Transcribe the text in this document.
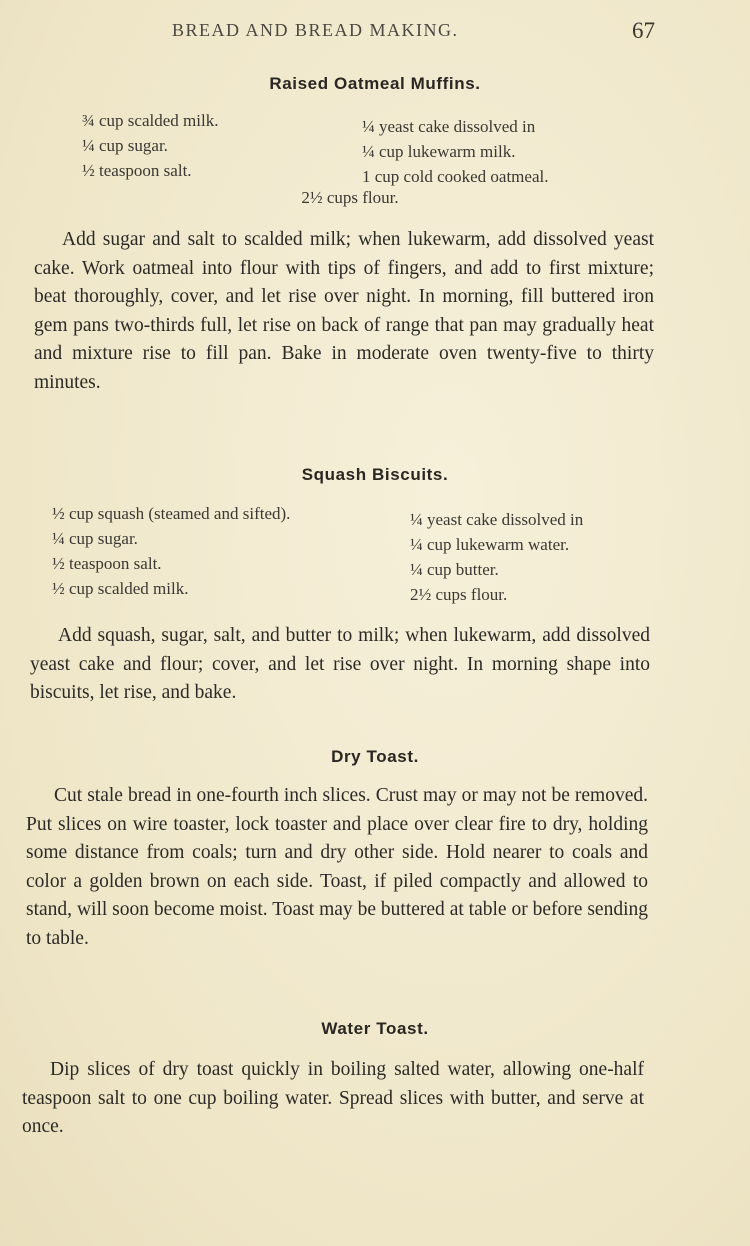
BREAD AND BREAD MAKING.	67
Raised Oatmeal Muffins.
¾ cup scalded milk.
¼ cup sugar.
½ teaspoon salt.
¼ yeast cake dissolved in
¼ cup lukewarm milk.
1 cup cold cooked oatmeal.
2½ cups flour.
Add sugar and salt to scalded milk; when lukewarm, add dissolved yeast cake. Work oatmeal into flour with tips of fingers, and add to first mixture; beat thoroughly, cover, and let rise over night. In morning, fill buttered iron gem pans two-thirds full, let rise on back of range that pan may gradually heat and mixture rise to fill pan. Bake in moderate oven twenty-five to thirty minutes.
Squash Biscuits.
½ cup squash (steamed and sifted).
¼ cup sugar.
½ teaspoon salt.
½ cup scalded milk.
¼ yeast cake dissolved in
¼ cup lukewarm water.
¼ cup butter.
2½ cups flour.
Add squash, sugar, salt, and butter to milk; when lukewarm, add dissolved yeast cake and flour; cover, and let rise over night. In morning shape into biscuits, let rise, and bake.
Dry Toast.
Cut stale bread in one-fourth inch slices. Crust may or may not be removed. Put slices on wire toaster, lock toaster and place over clear fire to dry, holding some distance from coals; turn and dry other side. Hold nearer to coals and color a golden brown on each side. Toast, if piled compactly and allowed to stand, will soon become moist. Toast may be buttered at table or before sending to table.
Water Toast.
Dip slices of dry toast quickly in boiling salted water, allowing one-half teaspoon salt to one cup boiling water. Spread slices with butter, and serve at once.
